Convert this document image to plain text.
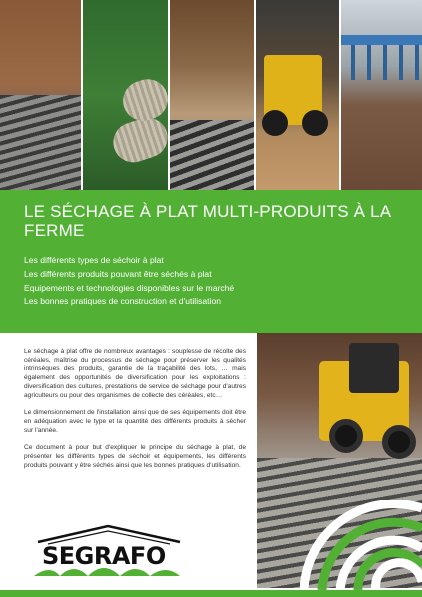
LE SÉCHAGE À PLAT MULTI-PRODUITS À LA FERME
Les différents types de séchoir à plat
Les différents produits pouvant être séchés à plat
Equipements et technologies disponibles sur le marché
Les bonnes pratiques de construction et d'utilisation

Le séchage à plat offre de nombreux avantages : souplesse de récolte des céréales, maîtrise du processus de séchage pour préserver les qualités intrinsèques des produits, garantie de la traçabilité des lots, … mais également des opportunités de diversification pour les exploitations : diversification des cultures, prestations de service de séchage pour d'autres agriculteurs ou pour des organismes de collecte des céréales, etc…

Le dimensionnement de l'installation ainsi que de ses équipements doit être en adéquation avec le type et la quantité des différents produits à sécher sur l'année.

Ce document à pour but d'expliquer le principe du séchage à plat, de présenter les différents types de séchoir et équipements, les différents produits pouvant y être séchés ainsi que les bonnes pratiques d'utilisation.

SEGRAFO
